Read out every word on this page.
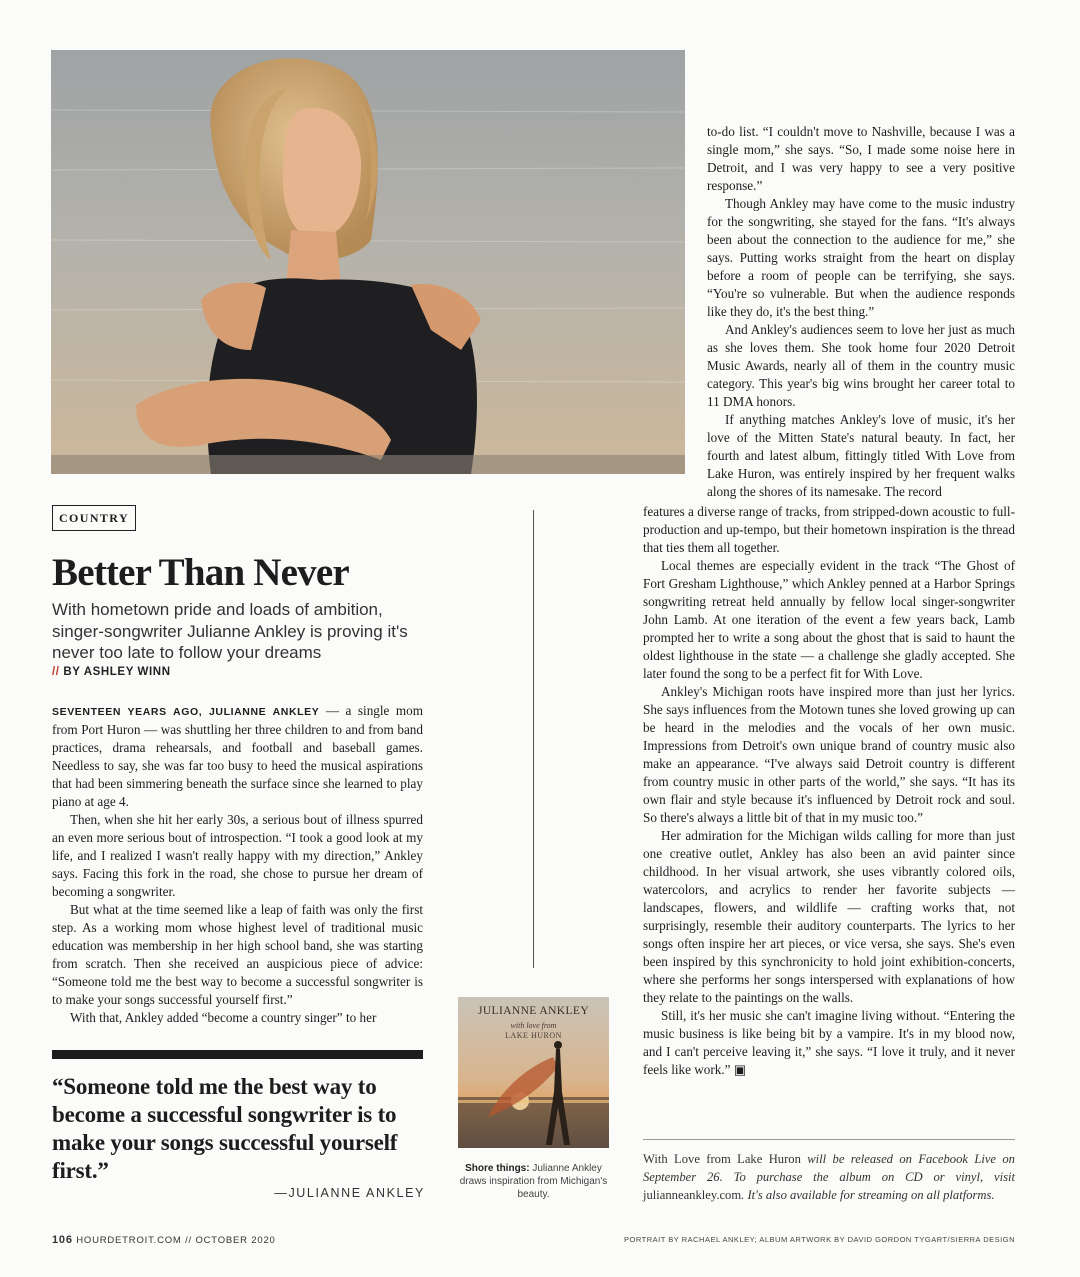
COUNTRY
Better Than Never
With hometown pride and loads of ambition, singer-songwriter Julianne Ankley is proving it's never too late to follow your dreams
// BY ASHLEY WINN

SEVENTEEN YEARS AGO, JULIANNE ANKLEY — a single mom from Port Huron — was shuttling her three children to and from band practices, drama rehearsals, and football and baseball games. Needless to say, she was far too busy to heed the musical aspirations that had been simmering beneath the surface since she learned to play piano at age 4.

Then, when she hit her early 30s, a serious bout of illness spurred an even more serious bout of introspection. “I took a good look at my life, and I realized I wasn't really happy with my direction,” Ankley says. Facing this fork in the road, she chose to pursue her dream of becoming a songwriter.

But what at the time seemed like a leap of faith was only the first step. As a working mom whose highest level of traditional music education was membership in her high school band, she was starting from scratch. Then she received an auspicious piece of advice: “Someone told me the best way to become a successful songwriter is to make your songs successful yourself first.”

With that, Ankley added “become a country singer” to her

“Someone told me the best way to become a successful songwriter is to make your songs successful yourself first.”
—JULIANNE ANKLEY

to-do list. “I couldn't move to Nashville, because I was a single mom,” she says. “So, I made some noise here in Detroit, and I was very happy to see a very positive response.”

Though Ankley may have come to the music industry for the songwriting, she stayed for the fans. “It's always been about the connection to the audience for me,” she says. Putting works straight from the heart on display before a room of people can be terrifying, she says. “You're so vulnerable. But when the audience responds like they do, it's the best thing.”

And Ankley's audiences seem to love her just as much as she loves them. She took home four 2020 Detroit Music Awards, nearly all of them in the country music category. This year's big wins brought her career total to 11 DMA honors.

If anything matches Ankley's love of music, it's her love of the Mitten State's natural beauty. In fact, her fourth and latest album, fittingly titled With Love from Lake Huron, was entirely inspired by her frequent walks along the shores of its namesake. The record

features a diverse range of tracks, from stripped-down acoustic to full-production and up-tempo, but their hometown inspiration is the thread that ties them all together.

Local themes are especially evident in the track “The Ghost of Fort Gresham Lighthouse,” which Ankley penned at a Harbor Springs songwriting retreat held annually by fellow local singer-songwriter John Lamb. At one iteration of the event a few years back, Lamb prompted her to write a song about the ghost that is said to haunt the oldest lighthouse in the state — a challenge she gladly accepted. She later found the song to be a perfect fit for With Love.

Ankley's Michigan roots have inspired more than just her lyrics. She says influences from the Motown tunes she loved growing up can be heard in the melodies and the vocals of her own music. Impressions from Detroit's own unique brand of country music also make an appearance. “I've always said Detroit country is different from country music in other parts of the world,” she says. “It has its own flair and style because it's influenced by Detroit rock and soul. So there's always a little bit of that in my music too.”

Her admiration for the Michigan wilds calling for more than just one creative outlet, Ankley has also been an avid painter since childhood. In her visual artwork, she uses vibrantly colored oils, watercolors, and acrylics to render her favorite subjects — landscapes, flowers, and wildlife — crafting works that, not surprisingly, resemble their auditory counterparts. The lyrics to her songs often inspire her art pieces, or vice versa, she says. She's even been inspired by this synchronicity to hold joint exhibition-concerts, where she performs her songs interspersed with explanations of how they relate to the paintings on the walls.

Still, it's her music she can't imagine living without. “Entering the music business is like being bit by a vampire. It's in my blood now, and I can't perceive leaving it,” she says. “I love it truly, and it never feels like work.” ▣

JULIANNE ANKLEY
with love from
LAKE HURON
Shore things: Julianne Ankley draws inspiration from Michigan's beauty.
With Love from Lake Huron will be released on Facebook Live on September 26. To purchase the album on CD or vinyl, visit julianneankley.com. It's also available for streaming on all platforms.
106 HOURDETROIT.COM // OCTOBER 2020	PORTRAIT BY RACHAEL ANKLEY; ALBUM ARTWORK BY DAVID GORDON TYGART/SIERRA DESIGN
